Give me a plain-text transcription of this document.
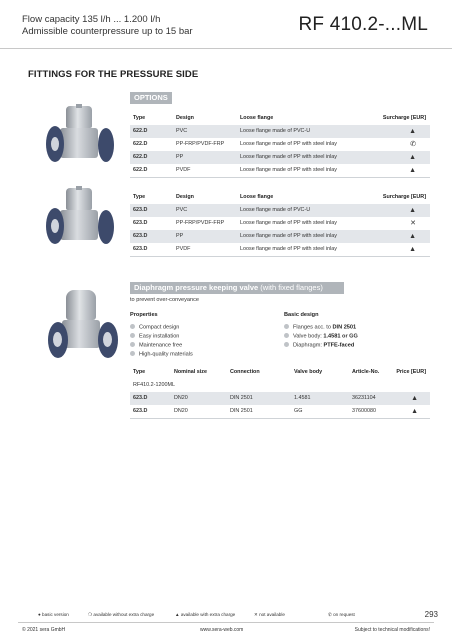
Flow capacity 135 l/h ... 1.200 l/h
Admissible counterpressure up to 15 bar	RF 410.2-...ML
FITTINGS FOR THE PRESSURE SIDE
OPTIONS
Type	Design	Loose flange	Surcharge [EUR]
622.D	PVC	Loose flange made of PVC-U	▲
622.D	PP-FRP/PVDF-FRP	Loose flange made of PP with steel inlay	✆
622.D	PP	Loose flange made of PP with steel inlay	▲
622.D	PVDF	Loose flange made of PP with steel inlay	▲
Type	Design	Loose flange	Surcharge [EUR]
623.D	PVC	Loose flange made of PVC-U	▲
623.D	PP-FRP/PVDF-FRP	Loose flange made of PP with steel inlay	✕
623.D	PP	Loose flange made of PP with steel inlay	▲
623.D	PVDF	Loose flange made of PP with steel inlay	▲
Diaphragm pressure keeping valve (with fixed flanges)
to prevent over-conveyance
Properties	Basic design
Compact design
Easy installation
Maintenance free
High-quality materials
Flanges acc. to DIN 2501
Valve body: 1.4581 or GG
Diaphragm: PTFE-faced
Type	Nominal size	Connection	Valve body	Article-No.	Price [EUR]
RF410.2-1200ML
623.D	DN20	DIN 2501	1.4581	36231104	▲
623.D	DN20	DIN 2501	GG	37600080	▲
● basic version	❍ available without extra charge	▲ available with extra charge	✕ not available	✆ on request	293
© 2021 sera GmbH	www.sera-web.com	Subject to technical modifications!
